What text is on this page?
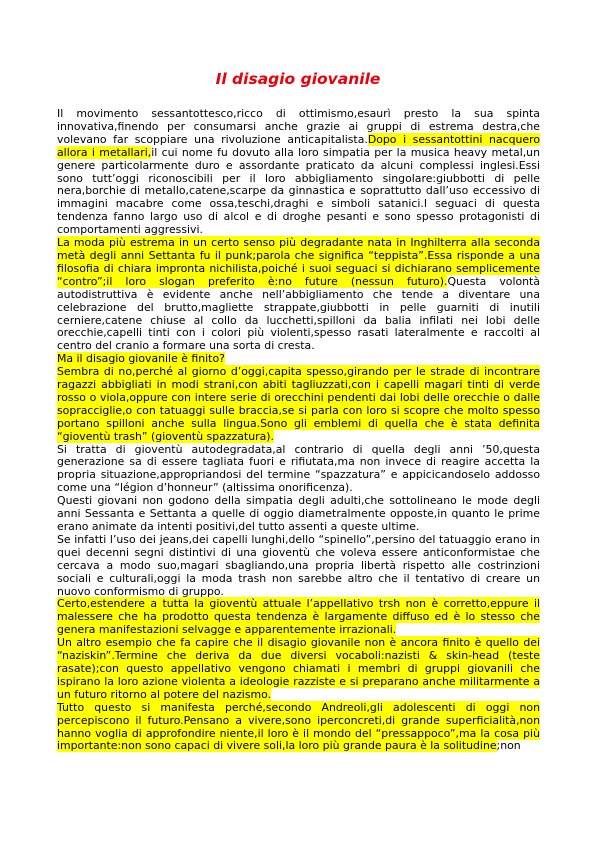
Il disagio giovanile

Il movimento sessantottesco,ricco di ottimismo,esaurì presto la sua spinta innovativa,finendo per consumarsi anche grazie ai gruppi di estrema destra,che volevano far scoppiare una rivoluzione anticapitalista.Dopo i sessantottini nacquero allora i metallari,il cui nome fu dovuto alla loro simpatia per la musica heavy metal,un genere particolarmente duro e assordante praticato da alcuni complessi inglesi.Essi sono tutt’oggi riconoscibili per il loro abbigliamento singolare:giubbotti di pelle nera,borchie di metallo,catene,scarpe da ginnastica e soprattutto dall’uso eccessivo di immagini macabre come ossa,teschi,draghi e simboli satanici.I seguaci di questa tendenza fanno largo uso di alcol e di droghe pesanti e sono spesso protagonisti di comportamenti aggressivi.

La moda più estrema in un certo senso più degradante nata in Inghilterra alla seconda metà degli anni Settanta fu il punk;parola che significa “teppista”.Essa risponde a una filosofia di chiara impronta nichilista,poiché i suoi seguaci si dichiarano semplicemente “contro”;il loro slogan preferito è:no future (nessun futuro).Questa volontà autodistruttiva è evidente anche nell’abbigliamento che tende a diventare una celebrazione del brutto,magliette strappate,giubbotti in pelle guarniti di inutili cerniere,catene chiuse al collo da lucchetti,spilloni da balia infilati nei lobi delle orecchie,capelli tinti con i colori più violenti,spesso rasati lateralmente e raccolti al centro del cranio a formare una sorta di cresta.

Ma il disagio giovanile è finito?

Sembra di no,perché al giorno d’oggi,capita spesso,girando per le strade di incontrare ragazzi abbigliati in modi strani,con abiti tagliuzzati,con i capelli magari tinti di verde rosso o viola,oppure con intere serie di orecchini pendenti dai lobi delle orecchie o dalle sopracciglie,o con tatuaggi sulle braccia,se si parla con loro si scopre che molto spesso portano spilloni anche sulla lingua.Sono gli emblemi di quella che è stata definita “gioventù trash” (gioventù spazzatura).

Si tratta di gioventù autodegradata,al contrario di quella degli anni ’50,questa generazione sa di essere tagliata fuori e rifiutata,ma non invece di reagire accetta la propria situazione,appropriandosi del termine “spazzatura” e appicicandoselo addosso come una “légion d’honneur” (altissima onorificenza).

Questi giovani non godono della simpatia degli adulti,che sottolineano le mode degli anni Sessanta e Settanta a quelle di oggio diametralmente opposte,in quanto le prime erano animate da intenti positivi,del tutto assenti a queste ultime.

Se infatti l’uso dei jeans,dei capelli lunghi,dello “spinello”,persino del tatuaggio erano in quei decenni segni distintivi di una gioventù che voleva essere anticonformistae che cercava a modo suo,magari sbagliando,una propria libertà rispetto alle costrinzioni sociali e culturali,oggi la moda trash non sarebbe altro che il tentativo di creare un nuovo conformismo di gruppo.

Certo,estendere a tutta la gioventù attuale l’appellativo trsh non è corretto,eppure il malessere che ha prodotto questa tendenza è largamente diffuso ed è lo stesso che genera manifestazioni selvagge e apparentemente irrazionali.

Un altro esempio che fa capire che il disagio giovanile non è ancora finito è quello dei “naziskin”.Termine che deriva da due diversi vocaboli:nazisti & skin-head (teste rasate);con questo appellativo vengono chiamati i membri di gruppi giovanili che ispirano la loro azione violenta a ideologie razziste e si preparano anche militarmente a un futuro ritorno al potere del nazismo.

Tutto questo si manifesta perché,secondo Andreoli,gli adolescenti di oggi non percepiscono il futuro.Pensano a vivere,sono iperconcreti,di grande superficialità,non hanno voglia di approfondire niente,il loro è il mondo del “pressappoco”,ma la cosa più importante:non sono capaci di vivere soli,la loro più grande paura è la solitudine;non
